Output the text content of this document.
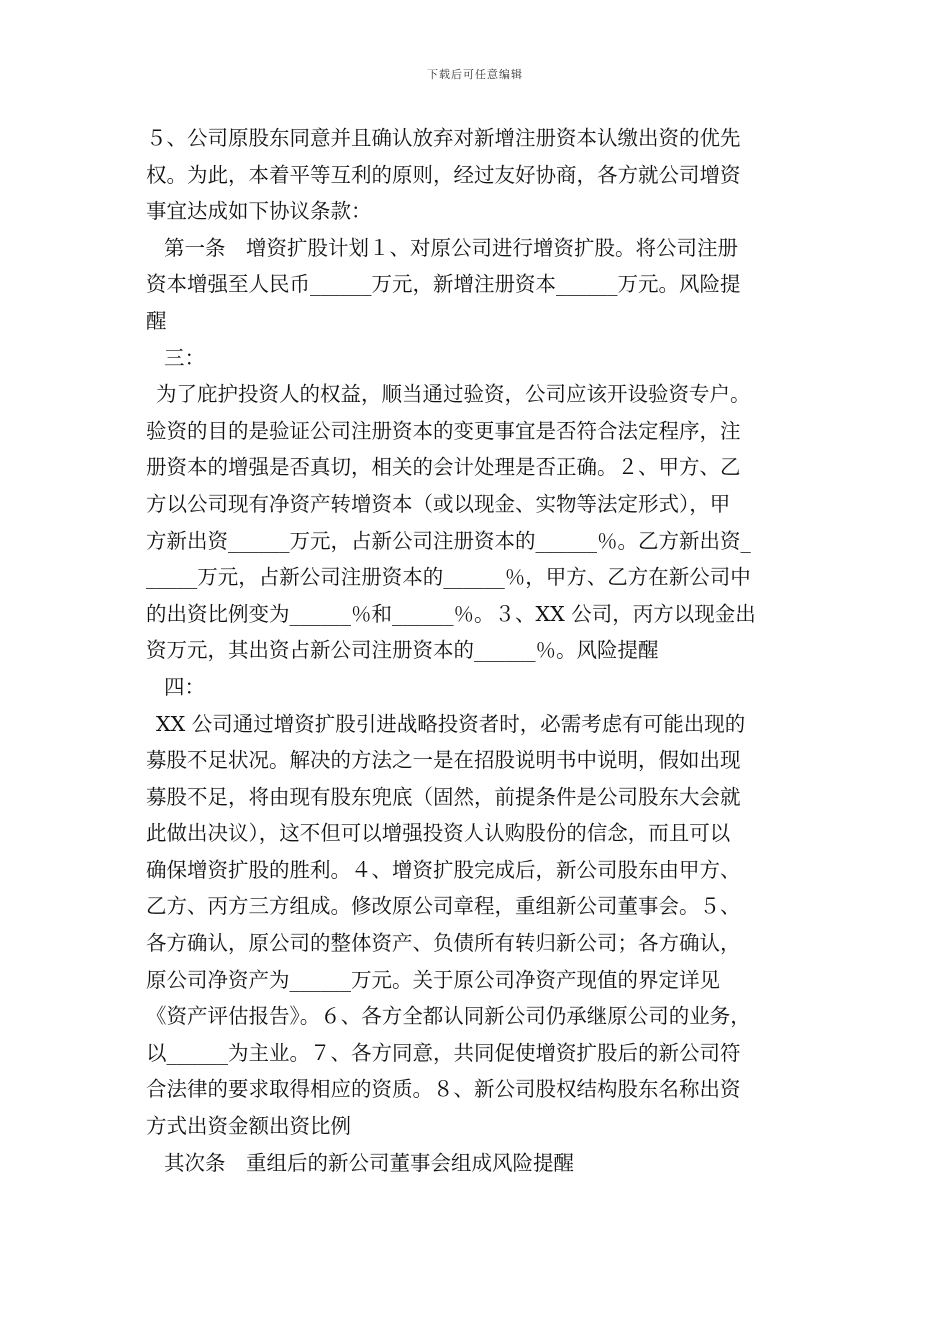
下载后可任意编辑

５、公司原股东同意并且确认放弃对新增注册资本认缴出资的优先

权。为此，本着平等互利的原则，经过友好协商，各方就公司增资

事宜达成如下协议条款：

第一条　增资扩股计划１、对原公司进行增资扩股。将公司注册

资本增强至人民币______万元，新增注册资本______万元。风险提

醒

三：

为了庇护投资人的权益，顺当通过验资，公司应该开设验资专户。

验资的目的是验证公司注册资本的变更事宜是否符合法定程序，注

册资本的增强是否真切，相关的会计处理是否正确。２、甲方、乙

方以公司现有净资产转增资本（或以现金、实物等法定形式），甲

方新出资______万元，占新公司注册资本的______％。乙方新出资_

_____万元，占新公司注册资本的______％，甲方、乙方在新公司中

的出资比例变为______％和______％。３、XX 公司，丙方以现金出

资万元，其出资占新公司注册资本的______％。风险提醒

四：

XX 公司通过增资扩股引进战略投资者时，必需考虑有可能出现的

募股不足状况。解决的方法之一是在招股说明书中说明，假如出现

募股不足，将由现有股东兜底（固然，前提条件是公司股东大会就

此做出决议），这不但可以增强投资人认购股份的信念，而且可以

确保增资扩股的胜利。４、增资扩股完成后，新公司股东由甲方、

乙方、丙方三方组成。修改原公司章程，重组新公司董事会。５、

各方确认，原公司的整体资产、负债所有转归新公司；各方确认，

原公司净资产为______万元。关于原公司净资产现值的界定详见

《资产评估报告》。６、各方全都认同新公司仍承继原公司的业务，

以______为主业。７、各方同意，共同促使增资扩股后的新公司符

合法律的要求取得相应的资质。８、新公司股权结构股东名称出资

方式出资金额出资比例

其次条　重组后的新公司董事会组成风险提醒
